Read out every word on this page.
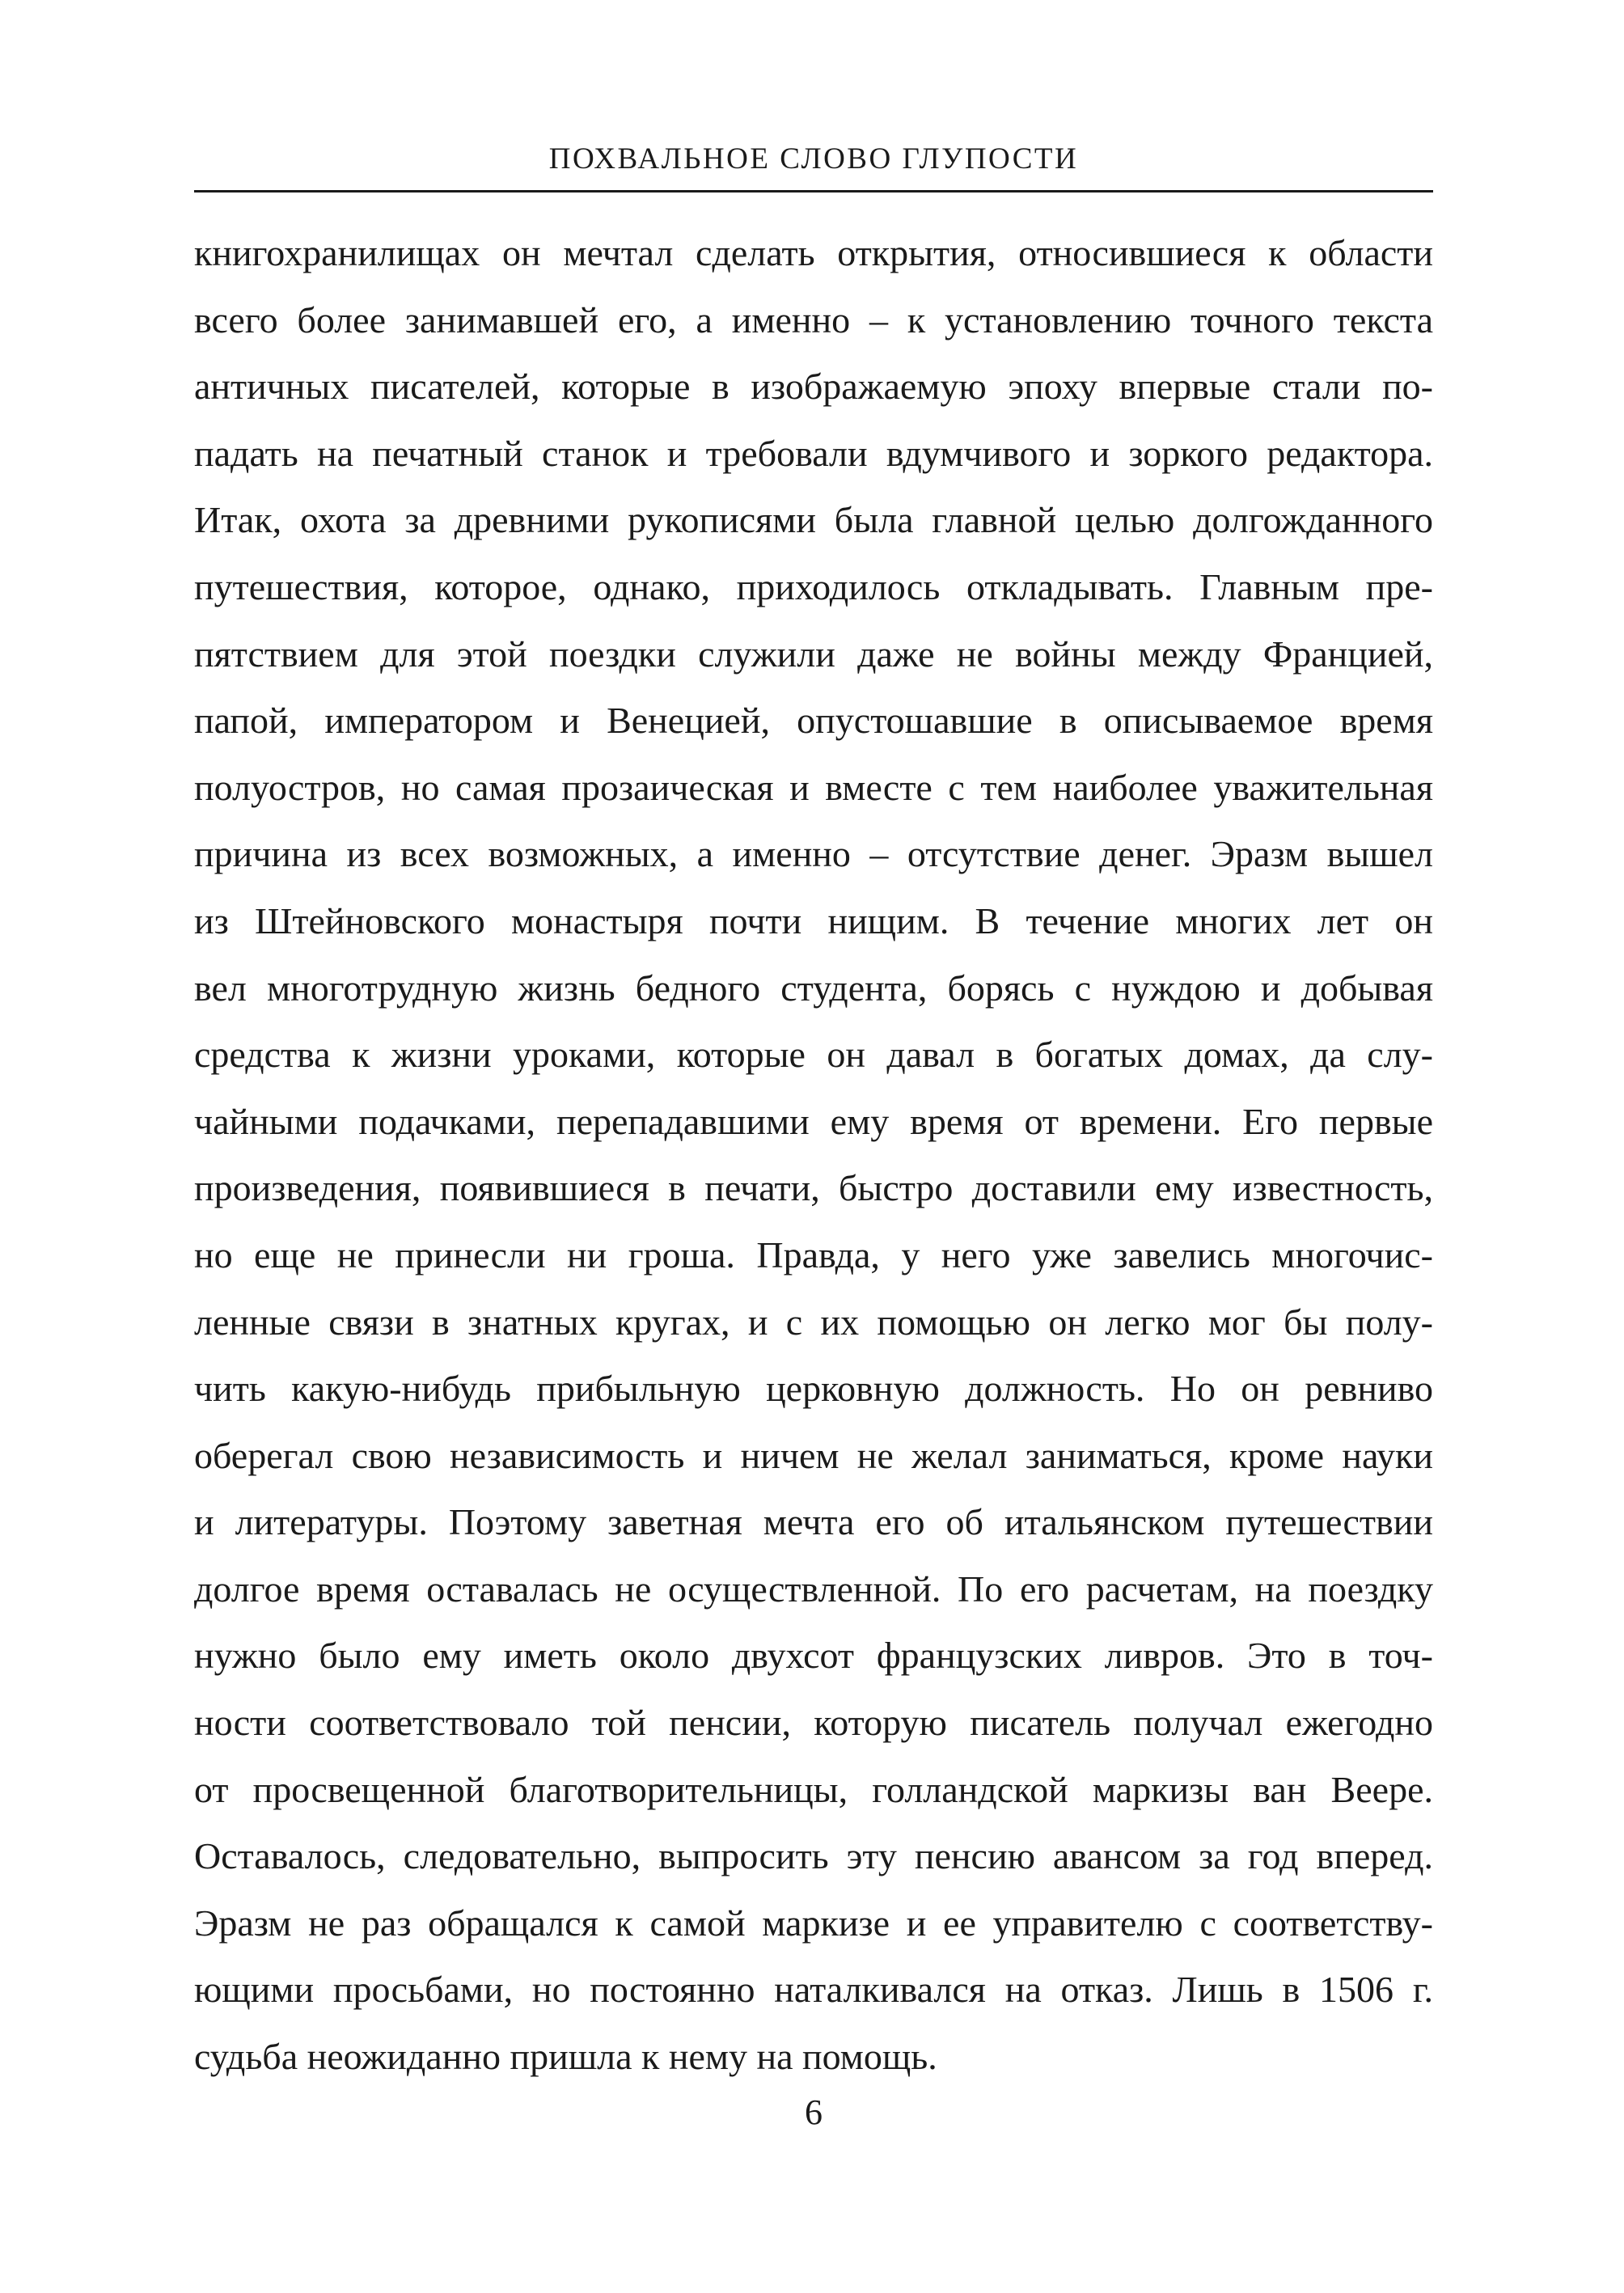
ПОХВАЛЬНОЕ СЛОВО ГЛУПОСТИ
книгохранилищах он мечтал сделать открытия, относившиеся к области
всего более занимавшей его, а именно – к установлению точного текста
античных писателей, которые в изображаемую эпоху впервые стали по-
падать на печатный станок и требовали вдумчивого и зоркого редактора.
Итак, охота за древними рукописями была главной целью долгожданного
путешествия, которое, однако, приходилось откладывать. Главным пре-
пятствием для этой поездки служили даже не войны между Францией,
папой, императором и Венецией, опустошавшие в описываемое время
полуостров, но самая прозаическая и вместе с тем наиболее уважительная
причина из всех возможных, а именно – отсутствие денег. Эразм вышел
из Штейновского монастыря почти нищим. В течение многих лет он
вел многотрудную жизнь бедного студента, борясь с нуждою и добывая
средства к жизни уроками, которые он давал в богатых домах, да слу-
чайными подачками, перепадавшими ему время от времени. Его первые
произведения, появившиеся в печати, быстро доставили ему известность,
но еще не принесли ни гроша. Правда, у него уже завелись многочис-
ленные связи в знатных кругах, и с их помощью он легко мог бы полу-
чить какую-нибудь прибыльную церковную должность. Но он ревниво
оберегал свою независимость и ничем не желал заниматься, кроме науки
и литературы. Поэтому заветная мечта его об итальянском путешествии
долгое время оставалась не осуществленной. По его расчетам, на поездку
нужно было ему иметь около двухсот французских ливров. Это в точ-
ности соответствовало той пенсии, которую писатель получал ежегодно
от просвещенной благотворительницы, голландской маркизы ван Веере.
Оставалось, следовательно, выпросить эту пенсию авансом за год вперед.
Эразм не раз обращался к самой маркизе и ее управителю с соответству-
ющими просьбами, но постоянно наталкивался на отказ. Лишь в 1506 г.
судьба неожиданно пришла к нему на помощь.
6
